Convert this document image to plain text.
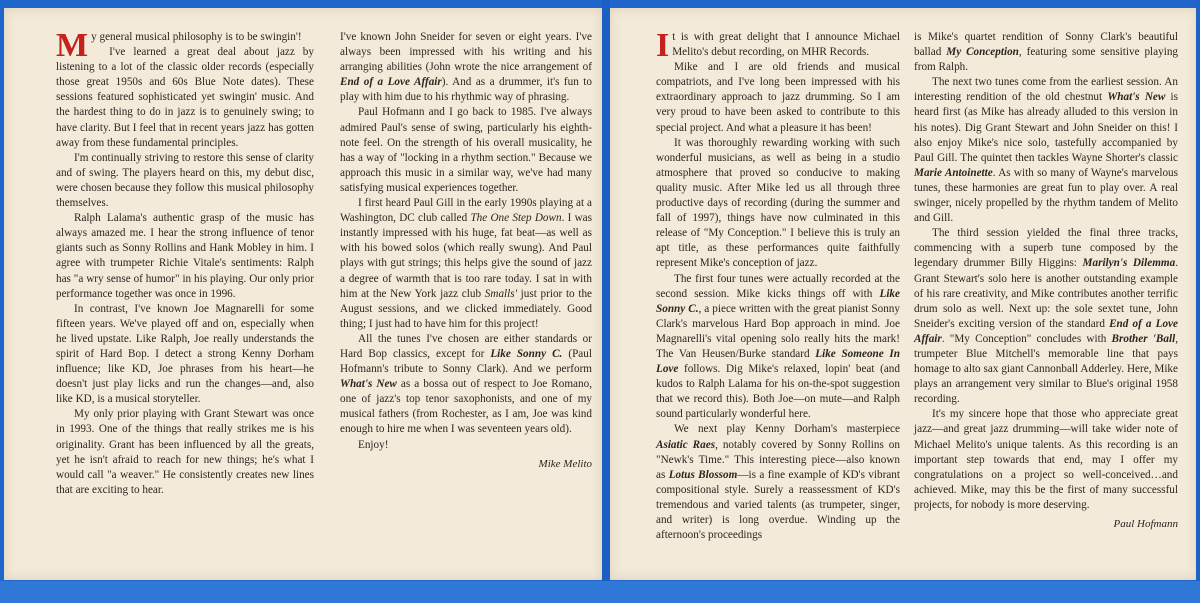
My general musical philosophy is to be swingin'!

I've learned a great deal about jazz by listening to a lot of the classic older records (especially those great 1950s and 60s Blue Note dates). These sessions featured sophisticated yet swingin' music. And the hardest thing to do in jazz is to genuinely swing; to have clarity. But I feel that in recent years jazz has gotten away from these fundamental principles.

I'm continually striving to restore this sense of clarity and of swing. The players heard on this, my debut disc, were chosen because they follow this musical philosophy themselves.

Ralph Lalama's authentic grasp of the music has always amazed me. I hear the strong influence of tenor giants such as Sonny Rollins and Hank Mobley in him. I agree with trumpeter Richie Vitale's sentiments: Ralph has "a wry sense of humor" in his playing. Our only prior performance together was once in 1996.

In contrast, I've known Joe Magnarelli for some fifteen years. We've played off and on, especially when he lived upstate. Like Ralph, Joe really understands the spirit of Hard Bop. I detect a strong Kenny Dorham influence; like KD, Joe phrases from his heart—he doesn't just play licks and run the changes—and, also like KD, is a musical storyteller.

My only prior playing with Grant Stewart was once in 1993. One of the things that really strikes me is his originality. Grant has been influenced by all the greats, yet he isn't afraid to reach for new things; he's what I would call "a weaver." He consistently creates new lines that are exciting to hear.

I've known John Sneider for seven or eight years. I've always been impressed with his writing and his arranging abilities (John wrote the nice arrangement of End of a Love Affair). And as a drummer, it's fun to play with him due to his rhythmic way of phrasing.

Paul Hofmann and I go back to 1985. I've always admired Paul's sense of swing, particularly his eighth-note feel. On the strength of his overall musicality, he has a way of "locking in a rhythm section." Because we approach this music in a similar way, we've had many satisfying musical experiences together.

I first heard Paul Gill in the early 1990s playing at a Washington, DC club called The One Step Down. I was instantly impressed with his huge, fat beat—as well as with his bowed solos (which really swung). And Paul plays with gut strings; this helps give the sound of jazz a degree of warmth that is too rare today. I sat in with him at the New York jazz club Smalls' just prior to the August sessions, and we clicked immediately. Good thing; I just had to have him for this project!

All the tunes I've chosen are either standards or Hard Bop classics, except for Like Sonny C. (Paul Hofmann's tribute to Sonny Clark). And we perform What's New as a bossa out of respect to Joe Romano, one of jazz's top tenor saxophonists, and one of my musical fathers (from Rochester, as I am, Joe was kind enough to hire me when I was seventeen years old).

Enjoy!

Mike Melito

It is with great delight that I announce Michael Melito's debut recording, on MHR Records.

Mike and I are old friends and musical compatriots, and I've long been impressed with his extraordinary approach to jazz drumming. So I am very proud to have been asked to contribute to this special project. And what a pleasure it has been!

It was thoroughly rewarding working with such wonderful musicians, as well as being in a studio atmosphere that proved so conducive to making quality music. After Mike led us all through three productive days of recording (during the summer and fall of 1997), things have now culminated in this release of "My Conception." I believe this is truly an apt title, as these performances quite faithfully represent Mike's conception of jazz.

The first four tunes were actually recorded at the second session. Mike kicks things off with Like Sonny C., a piece written with the great pianist Sonny Clark's marvelous Hard Bop approach in mind. Joe Magnarelli's vital opening solo really hits the mark! The Van Heusen/Burke standard Like Someone In Love follows. Dig Mike's relaxed, lopin' beat (and kudos to Ralph Lalama for his on-the-spot suggestion that we record this). Both Joe—on mute—and Ralph sound particularly wonderful here.

We next play Kenny Dorham's masterpiece Asiatic Raes, notably covered by Sonny Rollins on "Newk's Time." This interesting piece—also known as Lotus Blossom—is a fine example of KD's vibrant compositional style. Surely a reassessment of KD's tremendous and varied talents (as trumpeter, singer, and writer) is long overdue. Winding up the afternoon's proceedings

is Mike's quartet rendition of Sonny Clark's beautiful ballad My Conception, featuring some sensitive playing from Ralph.

The next two tunes come from the earliest session. An interesting rendition of the old chestnut What's New is heard first (as Mike has already alluded to this version in his notes). Dig Grant Stewart and John Sneider on this! I also enjoy Mike's nice solo, tastefully accompanied by Paul Gill. The quintet then tackles Wayne Shorter's classic Marie Antoinette. As with so many of Wayne's marvelous tunes, these harmonies are great fun to play over. A real swinger, nicely propelled by the rhythm tandem of Melito and Gill.

The third session yielded the final three tracks, commencing with a superb tune composed by the legendary drummer Billy Higgins: Marilyn's Dilemma. Grant Stewart's solo here is another outstanding example of his rare creativity, and Mike contributes another terrific drum solo as well. Next up: the sole sextet tune, John Sneider's exciting version of the standard End of a Love Affair. "My Conception" concludes with Brother 'Ball, trumpeter Blue Mitchell's memorable line that pays homage to alto sax giant Cannonball Adderley. Here, Mike plays an arrangement very similar to Blue's original 1958 recording.

It's my sincere hope that those who appreciate great jazz—and great jazz drumming—will take wider note of Michael Melito's unique talents. As this recording is an important step towards that end, may I offer my congratulations on a project so well-conceived…and achieved. Mike, may this be the first of many successful projects, for nobody is more deserving.

Paul Hofmann
